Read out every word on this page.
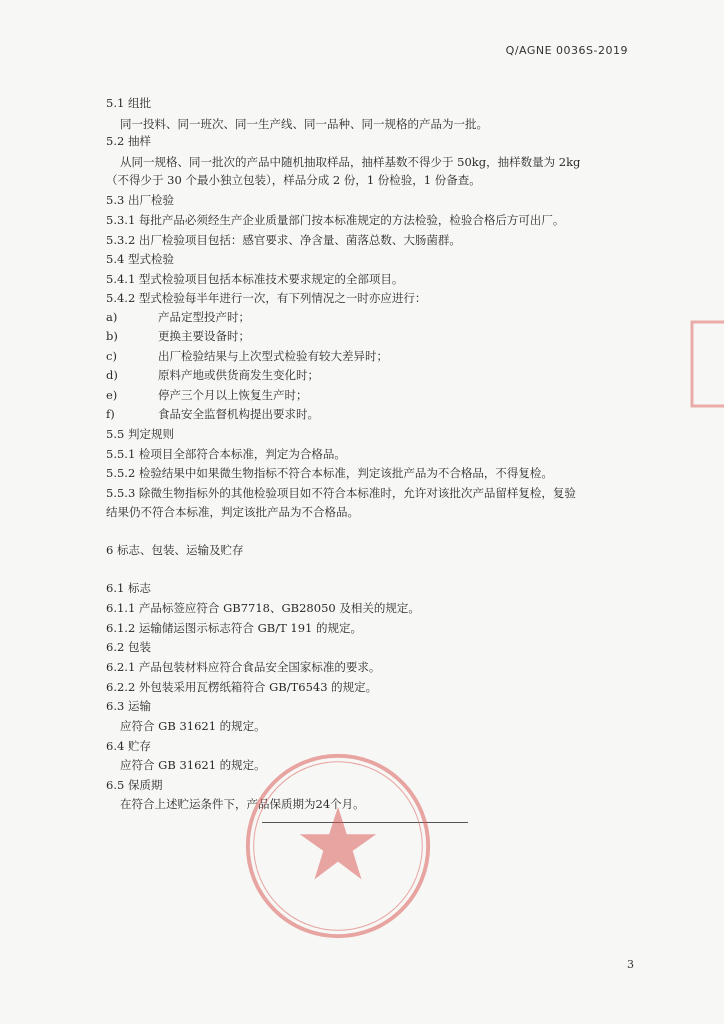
Q/AGNE 0036S-2019
5.1 组批
同一投料、同一班次、同一生产线、同一品种、同一规格的产品为一批。
5.2 抽样
从同一规格、同一批次的产品中随机抽取样品，抽样基数不得少于 50kg，抽样数量为 2kg
（不得少于 30 个最小独立包装），样品分成 2 份，1 份检验，1 份备查。
5.3 出厂检验
5.3.1 每批产品必须经生产企业质量部门按本标准规定的方法检验，检验合格后方可出厂。
5.3.2 出厂检验项目包括：感官要求、净含量、菌落总数、大肠菌群。
5.4 型式检验
5.4.1 型式检验项目包括本标准技术要求规定的全部项目。
5.4.2 型式检验每半年进行一次，有下列情况之一时亦应进行：
a)	产品定型投产时；
b)	更换主要设备时；
c)	出厂检验结果与上次型式检验有较大差异时；
d)	原料产地或供货商发生变化时；
e)	停产三个月以上恢复生产时；
f)	食品安全监督机构提出要求时。
5.5 判定规则
5.5.1 检项目全部符合本标准，判定为合格品。
5.5.2 检验结果中如果微生物指标不符合本标准，判定该批产品为不合格品，不得复检。
5.5.3 除微生物指标外的其他检验项目如不符合本标准时，允许对该批次产品留样复检，复验
结果仍不符合本标准，判定该批产品为不合格品。
6 标志、包装、运输及贮存
6.1 标志
6.1.1 产品标签应符合 GB7718、GB28050 及相关的规定。
6.1.2 运输储运图示标志符合 GB/T 191 的规定。
6.2 包装
6.2.1 产品包装材料应符合食品安全国家标准的要求。
6.2.2 外包装采用瓦楞纸箱符合 GB/T6543 的规定。
6.3 运输
应符合 GB 31621 的规定。
6.4 贮存
应符合 GB 31621 的规定。
6.5 保质期
在符合上述贮运条件下，产品保质期为24个月。
3
